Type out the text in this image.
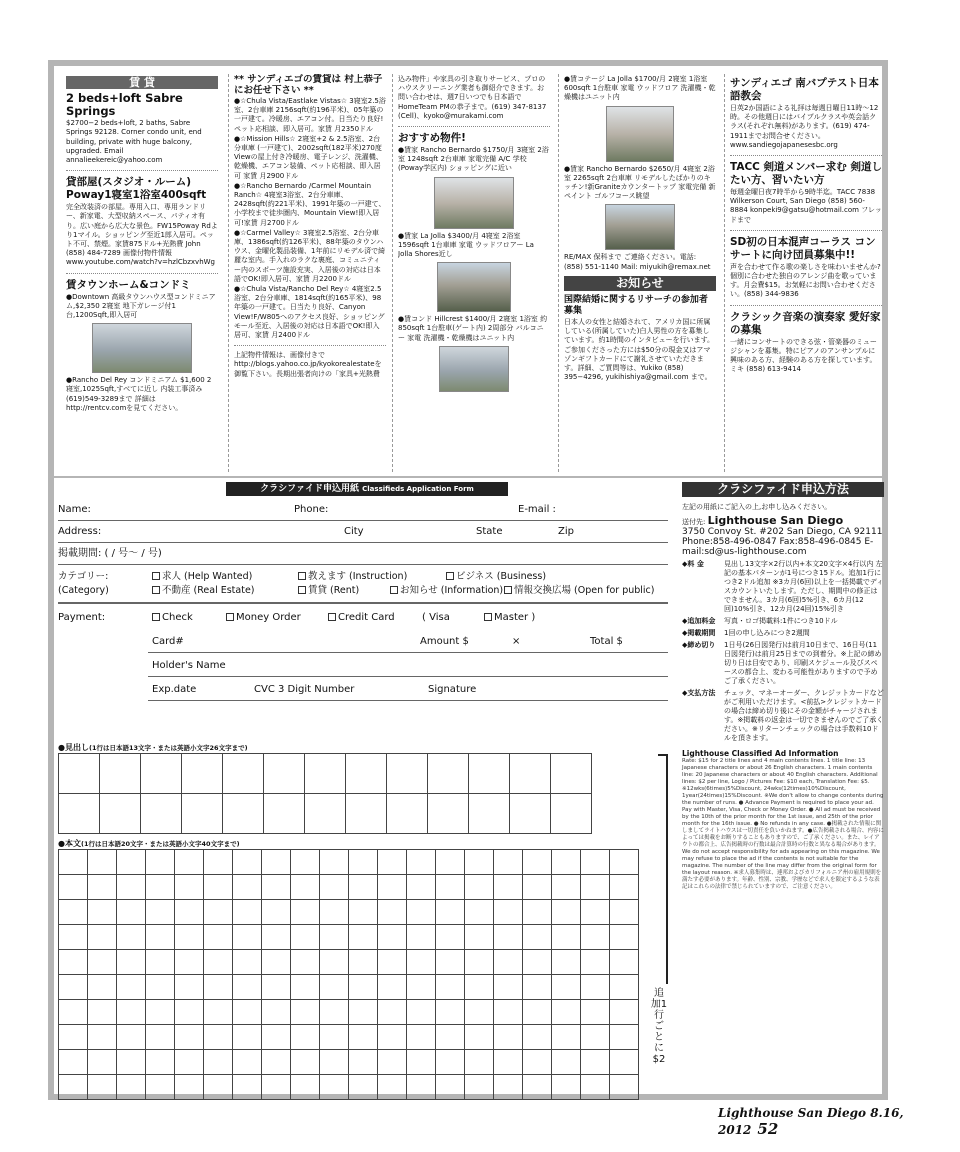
賃 貸
2 beds+loft Sabre Springs
$2700−2 beds+loft, 2 baths, Sabre Springs 92128. Corner condo unit, end building, private with huge balcony, upgraded. Email annalieekereic@yahoo.com
貸部屋(スタジオ・ルーム) Poway1寝室1浴室400sqft
完全改装済の部屋。専用入口、専用ランドリー、新家電、大型収納スペース、パティオ有り。広い庭から広大な景色。FW15Poway Rdより1マイル。ショッピング至近1郎入居可。ペット不可、禁煙。家賃875ドル+光熱費 John (858) 484-7289 画像付物件情報 www.youtube.com/watch?v=hzlCbzxvhWg
賃タウンホーム&コンドミ
●Downtown 高級タウンハウス型コンドミニアム,$2,350 2寝室 地下ガレージ付1台,1200Sqft,即入居可
●Rancho Del Rey コンドミニアム $1,600 2寝室,1025Sqft,すべてに近し 内装工事済み (619)549-3289まで 詳細は http://rentcv.comを見てください。
** サンディエゴの賃貸は 村上恭子にお任せ下さい **
●☆Chula Vista/Eastlake Vistas☆ 3寝室2.5浴室、2台車庫 2156sqft(約196平米)、05年築の一戸建て。冷暖房、エアコン付。日当たり良好!ペット応相談、即入居可。家賃 月2350ドル
●☆Mission Hills☆ 2寝室+2 & 2.5浴室、2台分車庫 (一戸建て)、2002sqft(182平米)270度Viewの屋上付き冷暖房、電子レンジ、洗濯機、乾燥機、エアコン装備、ペット応相談、即入居可 家賃 月2900ドル
●☆Rancho Bernardo /Carmel Mountain Ranch☆ 4寝室3浴室、2台分車庫、2428sqft(約221平米)、1991年築の一戸建て、小学校まで徒歩圏内、Mountain View!即入居可!家賃 月2700ドル
●☆Carmel Valley☆ 3寝室2.5浴室、2台分車庫、1386sqft(約126平米)、88年築のタウンハウス、金曜化製品装備、1年前にリモデル済で綺麗な室内。手入れのラクな裏庭、コミュニティー内のスポーツ施設充実、入居後の対応は日本語でOK!即入居可、家賃 月2200ドル
●☆Chula Vista/Rancho Del Rey☆ 4寝室2.5浴室、2台分車庫、1814sqft(約165平米)、98年築の一戸建て。日当たり良好、Canyon View!F/W805へのアクセス良好、ショッピングモール至近、入居後の対応は日本語でOK!即入居可、家賃 月2400ドル
上記物件情報は、画像付きで http://blogs.yahoo.co.jp/kyokorealestateを御覧下さい。長期出張者向けの「家具+光熱費
込み物件」や家具の引き取りサービス、プロのハウスクリーニング業者も御紹介できます。お問い合わせは、週7日いつでも日本語で HomeTeam PMの恭子まで。(619) 347-8137 (Cell)、kyoko@murakami.com
おすすめ物件!
●賃家 Rancho Bernardo $1750/月 3寝室 2浴室 1248sqft 2台車庫 家電完備 A/C 学校(Poway学区内) ショッピングに近い
●賃家 La Jolla $3400/月 4寝室 2浴室 1596sqft 1台車庫 家電 ウッドフロアー La Jolla Shores近し
●賃コンド Hillcrest $1400/月 2寝室 1浴室 約850sqft 1台駐車(ゲート内) 2周部分 バルコニー 家電 洗濯機・乾燥機はユニット内
●賃コテージ La Jolla $1700/月 2寝室 1浴室 600sqft 1台駐車 家電 ウッドフロア 洗濯機・乾燥機はユニット内
●賃家 Rancho Bernardo $2650/月 4寝室 2浴室 2265sqft 2台車庫 リモデルしたばかりのキッチン!新Graniteカウンタートップ 家電完備 新ペイント ゴルフコース眺望
RE/MAX 保科まで ご連絡ください。電話: (858) 551-1140 Mail: miyukih@remax.net
お知らせ
国際結婚に関するリサーチの参加者募集
日本人の女性と結婚されて、アメリカ国に所属している(所属していた)白人男性の方を募集しています。約1時間のインタビューを行います。ご参加くださった方には$50分の現金又はアマゾンギフトカードにて謝礼させていただきます。詳細、ご質問等は、Yukiko (858) 395−4296, yukihishiya@gmail.com まで。
サンディエゴ 南バプテスト日本語教会
日英2か国語による礼拝は毎週日曜日11時〜12時。その他週日にはバイブルクラスや英会話クラス(それぞれ無料)があります。(619) 474-1911までお問合せください。www.sandiegojapanesesbc.org
TACC 剣道メンバー求む 剣道したい方、習いたい方
毎週金曜日夜7時半から9時半迄。TACC 7838 Wilkerson Court, San Diego (858) 560-8884 konpeki9@gatsu@hotmail.com フレッドまで
SD初の日本混声コーラス コンサートに向け団員募集中!!
声を合わせて作る歌の楽しさを味わいませんか?個別に合わせた独自のアレンジ曲を歌っています。月会費$15。お気軽にお問い合わせください。(858) 344-9836
クラシック音楽の演奏家 愛好家の募集
一緒にコンサートのできる弦・管楽器のミュージシャンを募集。特にピアノのアンサンブルに興味のある方、経験のある方を探しています。ミキ (858) 613-9414
クラシファイド申込用紙 Classifieds Application Form
Name:	Phone:	E-mail :
Address:	City	State	Zip
掲載期間: ( / 号〜 / 号)
カテゴリー:	求人 (Help Wanted)	教えます (Instruction)	ビジネス (Business)
(Category)	不動産 (Real Estate)	賃貸 (Rent)	お知らせ (Information)	情報交換広場 (Open for public)
Payment:	Check	Money Order	Credit Card	( Visa	Master )
Card#	Amount $	×	Total $
Holder's Name
Exp.date	CVC 3 Digit Number	Signature
●見出し(1行は日本語13文字・または英語小文字26文字まで)

●本文(1行は日本語20文字・または英語小文字40文字まで)

追加1行ごとに$2
クラシファイド申込方法
左記の用紙にご記入の上,お申し込みください。
送付先: Lighthouse San Diego
3750 Convoy St. #202 San Diego, CA 92111 Phone:858-496-0847 Fax:858-496-0845 E-mail:sd@us-lighthouse.com
◆料 金	見出し13文字×2行以内+本文20文字×4行以内 左記の基本パターンが1号につき15ドル。追加1行につき2ドル追加 ※3カ月(6回)以上を一括掲載でディスカウントいたします。ただし、期間中の修正はできません。3カ月(6回)5%引き、6カ月(12回)10%引き、12カ月(24回)15%引き
◆追加料金	写真・ロゴ掲載料:1件につき10ドル
◆掲載期間	1回の申し込みにつき2週間
◆締め切り	1日号(26日図発行)は前月10日まで、16日号(11日図発行)は前月25日までの到着分。※上記の締め切り日は目安であり、印刷スケジュール及びスペースの都合上、変わる可能性がありますので予めご了承ください。
◆支払方法	チェック、マネーオーダー、クレジットカードなどがご利用いただけます。<前払>クレジットカードの場合は締め切り後にその金額がチャージされます。※掲載料の返金は一切できませんのでご了承ください。※リターンチェックの場合は手数料10ドルを頂きます。
Lighthouse Classified Ad Information
Rate: $15 for 2 title lines and 4 main contents lines. 1 title line: 13 Japanese characters or about 26 English characters. 1 main contents line: 20 Japanese characters or about 40 English characters. Additional lines: $2 per line, Logo / Pictures Fee: $10 each, Translation Fee: $5. ※12wks(6times)5%Discount, 24wks(12times)10%Discount, 1year(24times)15%Discount. ※We don't allow to change contents during the number of runs. ● Advance Payment is required to place your ad. Pay with Master, Visa, Check or Money Order. ● All ad must be received by the 10th of the prior month for the 1st issue, and 25th of the prior month for the 16th issue. ● No refunds in any case. ●掲載された情報に関しましてライトハウスは一切責任を負いかねます。●広告掲載される場合、内容によっては掲載をお断りすることもありますので、ご了承ください。また、レイアウトの都合上、広告掲載時の行数は最合計算時の行数と異なる場合があります。We do not accept responsibility for ads appearing on this magazine. We may refuse to place the ad if the contents is not suitable for the magazine. The number of the line may differ from the original form for the layout reason. ※求人募集時は、連邦およびカリフォルニア州の雇用規則を満たす必要があります。年齢、性別、宗教、学歴などで求人を限定するような表記はこれらの法律で禁じられていますので、ご注意ください。
Lighthouse San Diego 8.16, 2012 52
